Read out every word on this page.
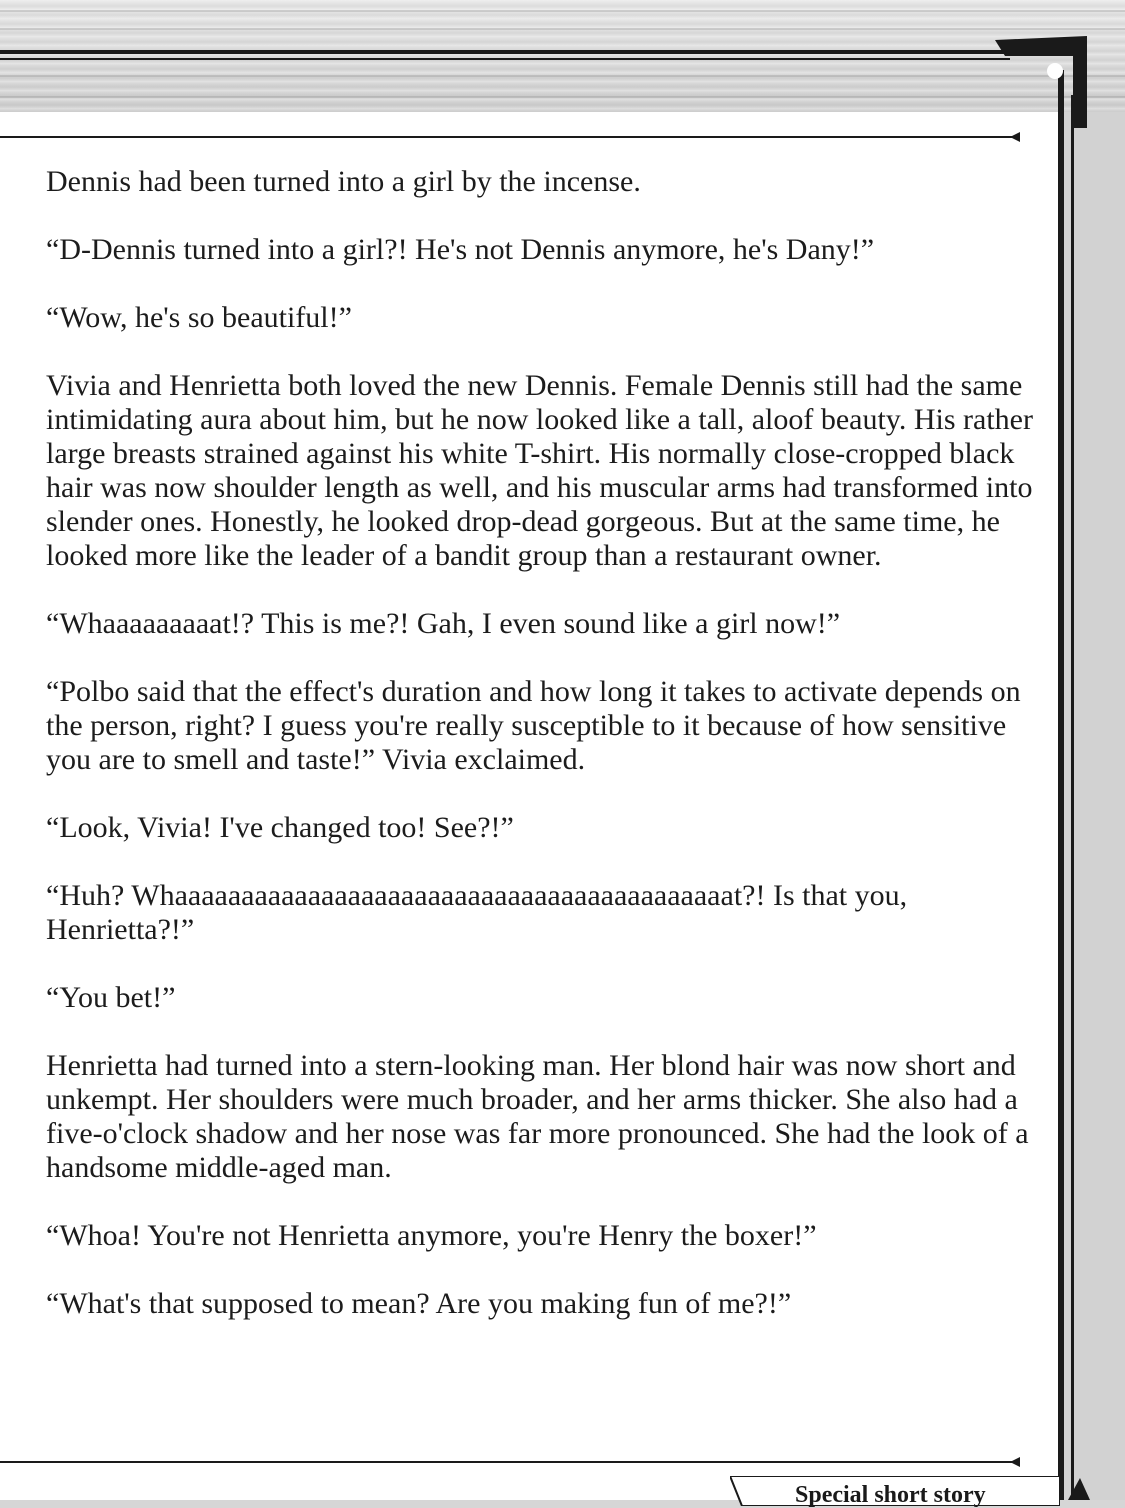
Special short story

Dennis had been turned into a girl by the incense.

“D-Dennis turned into a girl?! He's not Dennis anymore, he's Dany!”

“Wow, he's so beautiful!”

Vivia and Henrietta both loved the new Dennis. Female Dennis still had the same intimidating aura about him, but he now looked like a tall, aloof beauty. His rather large breasts strained against his white T-shirt. His normally close-cropped black hair was now shoulder length as well, and his muscular arms had transformed into slender ones. Honestly, he looked drop-dead gorgeous. But at the same time, he looked more like the leader of a bandit group than a restaurant owner.

“Whaaaaaaaaat!? This is me?! Gah, I even sound like a girl now!”

“Polbo said that the effect's duration and how long it takes to activate depends on the person, right? I guess you're really susceptible to it because of how sensitive you are to smell and taste!” Vivia exclaimed.

“Look, Vivia! I've changed too! See?!”

“Huh? Whaaaaaaaaaaaaaaaaaaaaaaaaaaaaaaaaaaaaaaaaaat?! Is that you, Henrietta?!”

“You bet!”

Henrietta had turned into a stern-looking man. Her blond hair was now short and unkempt. Her shoulders were much broader, and her arms thicker. She also had a five-o'clock shadow and her nose was far more pronounced. She had the look of a handsome middle-aged man.

“Whoa! You're not Henrietta anymore, you're Henry the boxer!”

“What's that supposed to mean? Are you making fun of me?!”
